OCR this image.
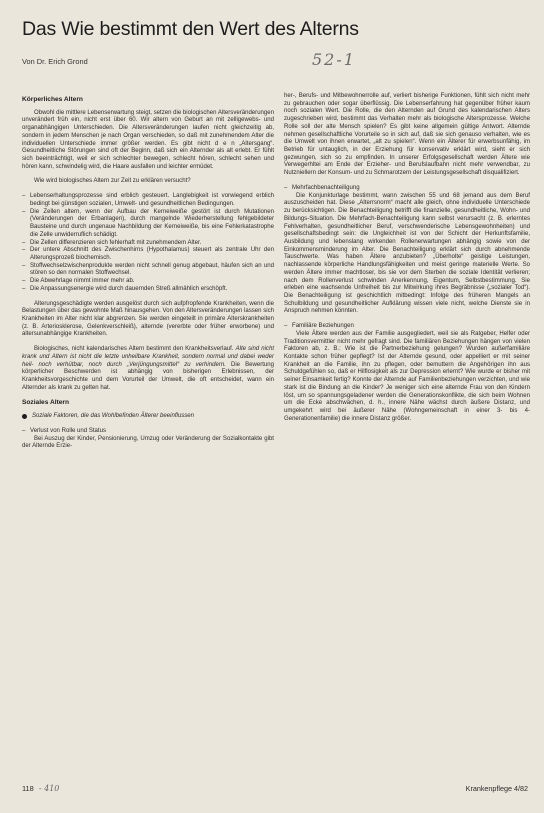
Das Wie bestimmt den Wert des Alterns
Von Dr. Erich Grond	52-1
Körperliches Altern

Obwohl die mittlere Lebenserwartung steigt, setzen die biologischen Altersveränderungen unverändert früh ein, nicht erst über 60. Wir altern von Geburt an mit zelligewebs- und organabhängigen Unterschieden. Die Altersveränderungen laufen nicht gleichzeitig ab, sondern in jedem Menschen je nach Organ verschieden, so daß mit zunehmendem Alter die individuellen Unterschiede immer größer werden. Es gibt nicht d e n „Altersgang“. Gesundheitliche Störungen sind oft der Beginn, daß sich ein Alternder als alt erlebt. Er fühlt sich beeinträchtigt, weil er sich schlechter bewegen, schlecht hören, schlecht sehen und hören kann, schwindelig wird, die Haare ausfallen und leichter ermüdet.

Wie wird biologisches Altern zur Zeit zu erklären versucht?

– Lebenserhaltungsprozesse sind erblich gesteuert. Langlebigkeit ist vorwiegend erblich bedingt bei günstigen sozialen, Umwelt- und gesundheitlichen Bedingungen.
– Die Zellen altern, wenn der Aufbau der Kerneiweiße gestört ist durch Mutationen (Veränderungen der Erbanlagen), durch mangelnde Wiederherstellung fehlgebildeter Bausteine und durch ungenaue Nachbildung der Kerneiweiße, bis eine Fehlerkatastrophe die Zelle unwiderruflich schädigt.
– Die Zellen differenzieren sich fehlerhaft mit zunehmendem Alter.
– Der untere Abschnitt des Zwischenhirns (Hypothalamus) steuert als zentrale Uhr den Alterungsprozeß biochemisch.
– Stoffwechselzwischenprodukte werden nicht schnell genug abgebaut, häufen sich an und stören so den normalen Stoffwechsel.
– Die Abwehrlage nimmt immer mehr ab.
– Die Anpassungsenergie wird durch dauernden Streß allmählich erschöpft.

Alterungsgeschädigte werden ausgelöst durch sich aufpfropfende Krankheiten, wenn die Belastungen über das gewohnte Maß hinausgehen. Von den Altersveränderungen lassen sich Krankheiten im Alter nicht klar abgrenzen. Sie werden eingeteilt in primäre Alterskrankheiten (z. B. Arteriosklerose, Gelenkverschleiß), alternde (vererbte oder früher erworbene) und altersunabhängige Krankheiten.

Biologisches, nicht kalendarisches Altern bestimmt den Krankheitsverlauf. Alte sind nicht krank und Altern ist nicht die letzte unheilbare Krankheit, sondern normal und dabei weder heil- noch verhütbar, noch durch „Verjüngungsmittel“ zu verhindern. Die Bewertung körperlicher Beschwerden ist abhängig von bisherigen Erlebnissen, der Krankheitsvorgeschichte und dem Vorurteil der Umwelt, die oft entscheidet, wann ein Alternder als krank zu gelten hat.

Soziales Altern
Soziale Faktoren, die das Wohlbefinden Älterer beeinflussen
– Verlust von Rolle und Status

Bei Auszug der Kinder, Pensionierung, Umzug oder Veränderung der Sozialkontakte gibt der Alternde Erzie-

her-, Berufs- und Mitbewohnerrolle auf, verliert bisherige Funktionen, fühlt sich nicht mehr zu gebrauchen oder sogar überflüssig. Die Lebenserfahrung hat gegenüber früher kaum noch sozialen Wert. Die Rolle, die den Alternden auf Grund des kalendarischen Alters zugeschrieben wird, bestimmt das Verhalten mehr als biologische Altersprozesse. Welche Rolle soll der alte Mensch spielen? Es gibt keine allgemein gültige Antwort. Alternde nehmen gesellschaftliche Vorurteile so in sich auf, daß sie sich genauso verhalten, wie es die Umwelt von ihnen erwartet, „alt zu spielen“. Wenn ein Älterer für erwerbsunfähig, im Betrieb für untauglich, in der Erziehung für konservativ erklärt wird, sieht er sich gezwungen, sich so zu empfinden. In unserer Erfolgsgesellschaft werden Ältere wie Verwegerhltei am Ende der Erzieher- und Berufslaufbahn nicht mehr verwendbar, zu Nutzniellern der Konsum- und zu Schmarotzern der Leistungsgesellschaft disqualifiziert.

– Mehrfachbenachteiligung

Die Konjunkturlage bestimmt, wann zwischen 55 und 68 jemand aus dem Beruf auszuscheiden hat. Diese „Alterrsnorm“ macht alle gleich, ohne individuelle Unterschiede zu berücksichtigen. Die Benachteiligung betrifft die finanzielle, gesundheitliche, Wohn- und Bildungs-Situation. Die Mehrfach-Benachteiligung kann selbst verursacht (z. B. erlerntes Fehlverhalten, gesundheitlicher Beruf, verschwenderische Lebensgewohnheiten) und gesellschaftsbedingt sein: die Ungleichheit ist von der Schicht der Herkunftsfamilie, Ausbildung und lebenslang wirkenden Rollenerwartungen abhängig sowie von der Einkommensminderung im Alter. Die Benachteiligung erklärt sich durch abnehmende Tauschwerte. Was haben Ältere anzubieten? „Überholte“ geistige Leistungen, nachlassende körperliche Handlungsfähigkeiten und meist geringe materielle Werte. So werden Ältere immer machtloser, bis sie vor dem Sterben die soziale Identität verlieren; nach dem Rollenverlust schwinden Anerkennung, Eigentum, Selbstbestimmung. Sie erleben eine wachsende Unfreiheit bis zur Mitwirkung ihres Begräbnisse („sozialer Tod“). Die Benachteiligung ist geschichtlich mitbedingt: Infolge des früheren Mangels an Schulbildung und gesundheitlicher Aufklärung wissen viele nicht, welche Dienste sie in Anspruch nehmen könnten.

– Familiäre Beziehungen

Viele Ältere werden aus der Familie ausgegliedert, weil sie als Ratgeber, Helfer oder Traditionsvermittler nicht mehr gefragt sind. Die familiären Beziehungen hängen von vielen Faktoren ab, z. B.: Wie ist die Partnerbeziehung gelungen? Wurden außerfamiliäre Kontakte schon früher gepflegt? Ist der Alternde gesund, oder appelliert er mit seiner Krankheit an die Familie, ihn zu pflegen, oder bemuttern die Angehörigen ihn aus Schuldgefühlen so, daß er Hilflosigkeit als zur Depression erlernt? Wie wurde er bisher mit seiner Einsamkeit fertig? Konnte der Alternde auf Familienbeziehungen verzichten, und wie stark ist die Bindung an die Kinder? Je weniger sich eine alternde Frau von den Kindern löst, um so spannungsgeladener werden die Generationskonflikte, die sich beim Wohnen um die Ecke abschwächen, d. h., innere Nähe wächst durch äußere Distanz, und umgekehrt wird bei äußerer Nähe (Wohngemeinschaft in einer 3- bis 4-Generationenfamilie) die innere Distanz größer.

118 - 410	Krankenpflege 4/82
